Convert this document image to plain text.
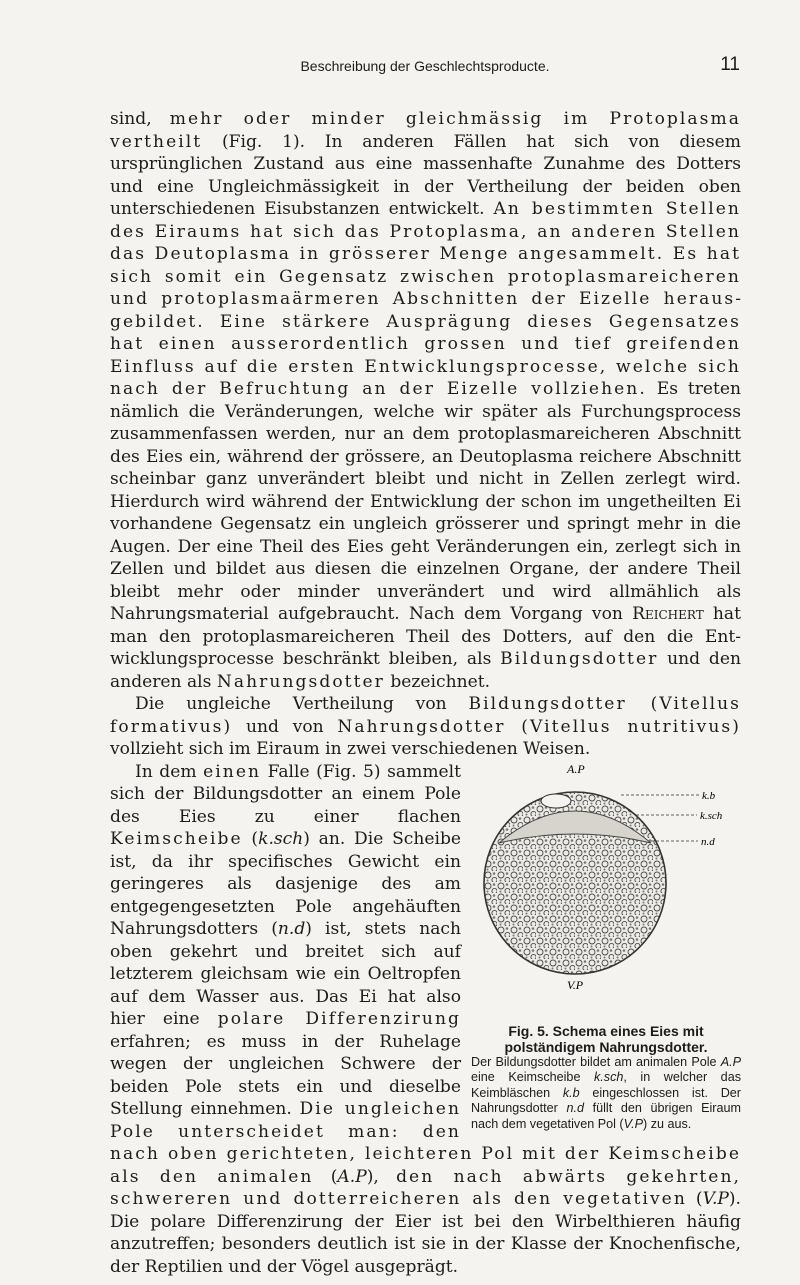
Beschreibung der Geschlechtsproducte.	11

sind, mehr oder minder gleichmässig im Protoplasma vertheilt (Fig. 1). In anderen Fällen hat sich von diesem ursprünglichen Zustand aus eine massenhafte Zunahme des Dotters und eine Ungleichmässigkeit in der Vertheilung der beiden oben unterschiedenen Eisubstanzen entwickelt. An bestimmten Stellen des Eiraums hat sich das Protoplasma, an anderen Stellen das Deutoplasma in grösserer Menge angesammelt. Es hat sich somit ein Gegensatz zwischen protoplasmareicheren und protoplasmaärmeren Abschnitten der Eizelle herausgebildet. Eine stärkere Ausprägung dieses Gegensatzes hat einen ausserordentlich grossen und tief greifenden Einfluss auf die ersten Entwicklungsprocesse, welche sich nach der Befruchtung an der Eizelle vollziehen. Es treten nämlich die Veränderungen, welche wir später als Furchungsprocess zusammenfassen werden, nur an dem protoplasmareicheren Abschnitt des Eies ein, während der grössere, an Deutoplasma reichere Abschnitt scheinbar ganz unverändert bleibt und nicht in Zellen zerlegt wird. Hierdurch wird während der Entwicklung der schon im ungetheilten Ei vorhandene Gegensatz ein ungleich grösserer und springt mehr in die Augen. Der eine Theil des Eies geht Veränderungen ein, zerlegt sich in Zellen und bildet aus diesen die einzelnen Organe, der andere Theil bleibt mehr oder minder unverändert und wird allmählich als Nahrungsmaterial aufgebraucht. Nach dem Vorgang von Reichert hat man den protoplasmareicheren Theil des Dotters, auf den die Entwicklungsprocesse beschränkt bleiben, als Bildungsdotter und den anderen als Nahrungsdotter bezeichnet.

Die ungleiche Vertheilung von Bildungsdotter (Vitellus formativus) und von Nahrungsdotter (Vitellus nutritivus) vollzieht sich im Eiraum in zwei verschiedenen Weisen.

A.P
k.b
k.sch
n.d
V.P
Fig. 5. Schema eines Eies mit polständigem Nahrungsdotter.
Der Bildungsdotter bildet am animalen Pole A.P eine Keimscheibe k.sch, in welcher das Keimbläschen k.b eingeschlossen ist. Der Nahrungsdotter n.d füllt den übrigen Eiraum nach dem vegetativen Pol (V.P) zu aus.

In dem einen Falle (Fig. 5) sammelt sich der Bildungsdotter an einem Pole des Eies zu einer flachen Keimscheibe (k.sch) an. Die Scheibe ist, da ihr specifisches Gewicht ein geringeres als dasjenige des am entgegengesetzten Pole angehäuften Nahrungsdotters (n.d) ist, stets nach oben gekehrt und breitet sich auf letzterem gleichsam wie ein Oeltropfen auf dem Wasser aus. Das Ei hat also hier eine polare Differenzirung erfahren; es muss in der Ruhelage wegen der ungleichen Schwere der beiden Pole stets ein und dieselbe Stellung einnehmen. Die ungleichen Pole unterscheidet man: den nach oben gerichteten, leichteren Pol mit der Keimscheibe als den animalen (A.P), den nach abwärts gekehrten, schwereren und dotterreicheren als den vegetativen (V.P). Die polare Differenzirung der Eier ist bei den Wirbelthieren häufig anzutreffen; besonders deutlich ist sie in der Klasse der Knochenfische, der Reptilien und der Vögel ausgeprägt.
